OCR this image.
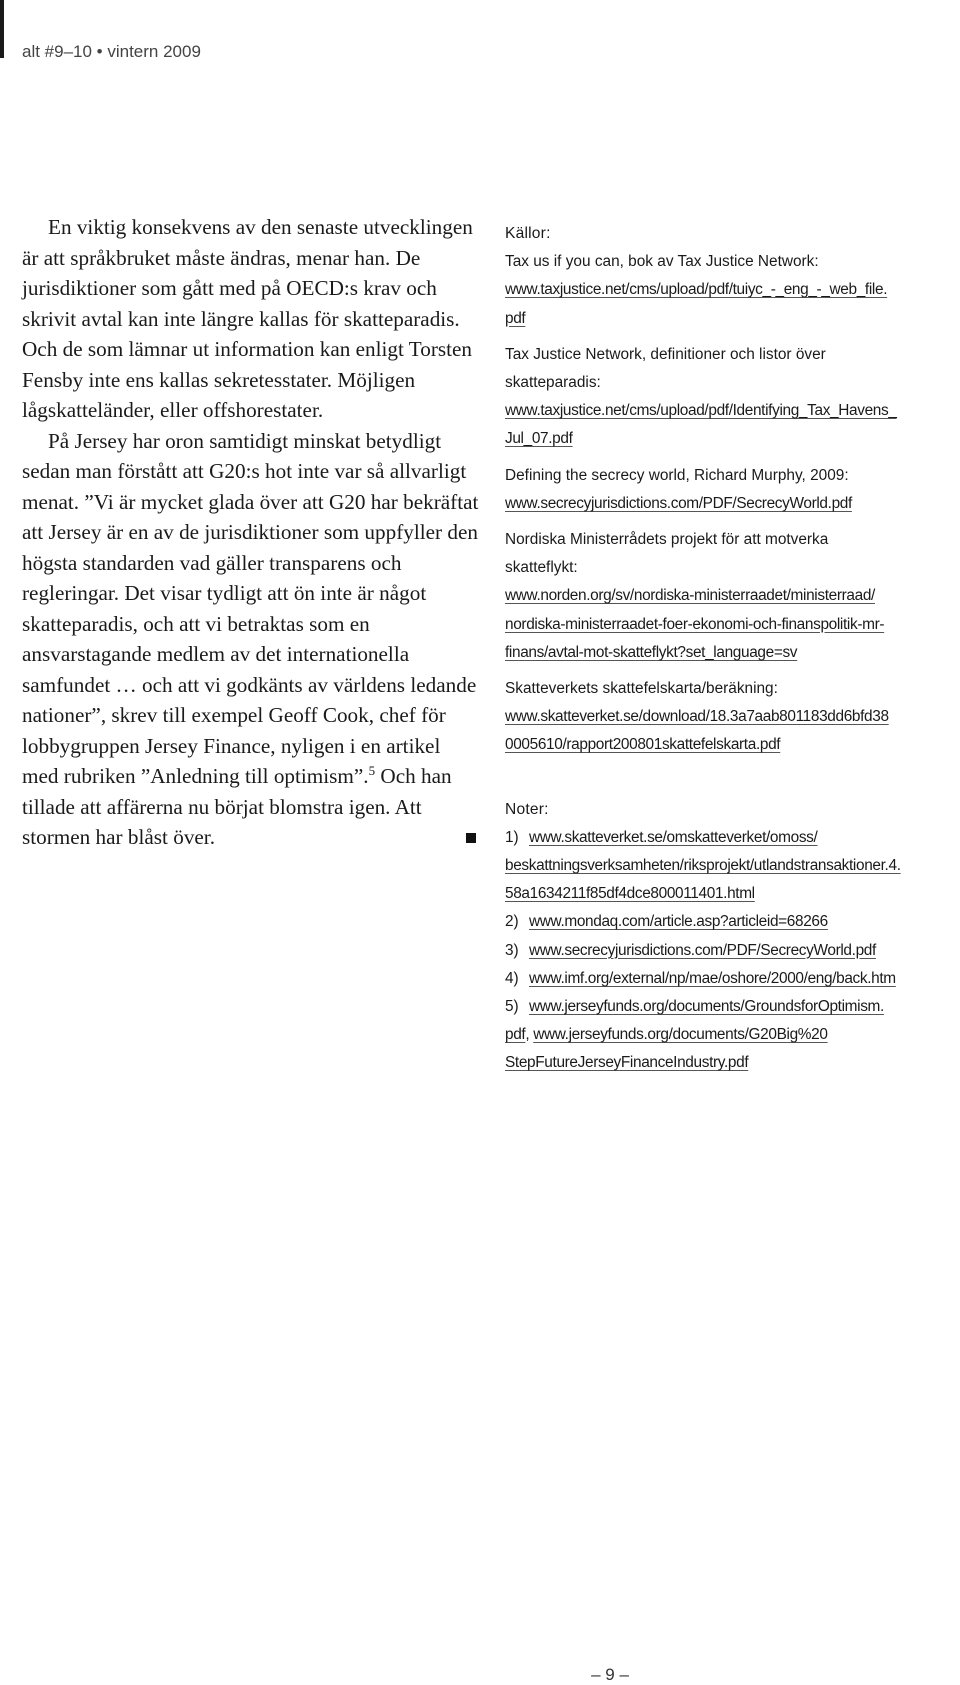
alt #9–10 • vintern 2009

En viktig konsekvens av den senaste utvecklingen är att språkbruket måste ändras, menar han. De jurisdiktioner som gått med på OECD:s krav och skrivit avtal kan inte längre kallas för skatteparadis. Och de som lämnar ut information kan enligt Torsten Fensby inte ens kallas sekretesstater. Möjligen lågskatteländer, eller offshorestater.

På Jersey har oron samtidigt minskat betydligt sedan man förstått att G20:s hot inte var så allvarligt menat. ”Vi är mycket glada över att G20 har bekräftat att Jersey är en av de jurisdiktioner som uppfyller den högsta standarden vad gäller transparens och regleringar. Det visar tydligt att ön inte är något skatteparadis, och att vi betraktas som en ansvarstagande medlem av det internationella samfundet … och att vi godkänts av världens ledande nationer”, skrev till exempel Geoff Cook, chef för lobbygruppen Jersey Finance, nyligen i en artikel med rubriken ”Anledning till optimism”.$^5$ Och han tillade att affärerna nu börjat blomstra igen. Att stormen har blåst över.

Källor:
Tax us if you can, bok av Tax Justice Network:
www.taxjustice.net/cms/upload/pdf/tuiyc_-_eng_-_web_file.
pdf
Tax Justice Network, definitioner och listor över
skatteparadis:
www.taxjustice.net/cms/upload/pdf/Identifying_Tax_Havens_
Jul_07.pdf
Defining the secrecy world, Richard Murphy, 2009:
www.secrecyjurisdictions.com/PDF/SecrecyWorld.pdf
Nordiska Ministerrådets projekt för att motverka
skatteflykt:
www.norden.org/sv/nordiska-ministerraadet/ministerraad/
nordiska-ministerraadet-foer-ekonomi-och-finanspolitik-mr-
finans/avtal-mot-skatteflykt?set_language=sv
Skatteverkets skattefelskarta/beräkning:
www.skatteverket.se/download/18.3a7aab801183dd6bfd38
0005610/rapport200801skattefelskarta.pdf
Noter:
1) www.skatteverket.se/omskatteverket/omoss/
beskattningsverksamheten/riksprojekt/utlandstransaktioner.4.
58a1634211f85df4dce800011401.html
2) www.mondaq.com/article.asp?articleid=68266
3) www.secrecyjurisdictions.com/PDF/SecrecyWorld.pdf
4) www.imf.org/external/np/mae/oshore/2000/eng/back.htm
5) www.jerseyfunds.org/documents/GroundsforOptimism.
pdf, www.jerseyfunds.org/documents/G20Big%20
StepFutureJerseyFinanceIndustry.pdf
– 9 –
